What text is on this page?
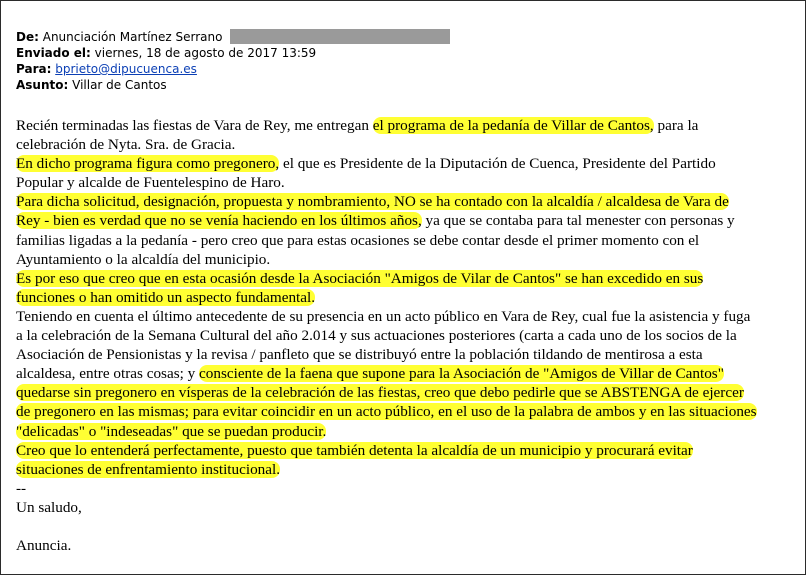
De: Anunciación Martínez Serrano
Enviado el: viernes, 18 de agosto de 2017 13:59
Para: bprieto@dipucuenca.es
Asunto: Villar de Cantos
Recién terminadas las fiestas de Vara de Rey, me entregan el programa de la pedanía de Villar de Cantos, para la
celebración de Nyta. Sra. de Gracia.
En dicho programa figura como pregonero, el que es Presidente de la Diputación de Cuenca, Presidente del Partido
Popular y alcalde de Fuentelespino de Haro.
Para dicha solicitud, designación, propuesta y nombramiento, NO se ha contado con la alcaldía / alcaldesa de Vara de
Rey - bien es verdad que no se venía haciendo en los últimos años, ya que se contaba para tal menester con personas y
familias ligadas a la pedanía - pero creo que para estas ocasiones se debe contar desde el primer momento con el
Ayuntamiento o la alcaldía del municipio.
Es por eso que creo que en esta ocasión desde la Asociación "Amigos de Vilar de Cantos" se han excedido en sus
funciones o han omitido un aspecto fundamental.
Teniendo en cuenta el último antecedente de su presencia en un acto público en Vara de Rey, cual fue la asistencia y fuga
a la celebración de la Semana Cultural del año 2.014 y sus actuaciones posteriores (carta a cada uno de los socios de la
Asociación de Pensionistas y la revisa / panfleto que se distribuyó entre la población tildando de mentirosa a esta
alcaldesa, entre otras cosas; y consciente de la faena que supone para la Asociación de "Amigos de Villar de Cantos"
quedarse sin pregonero en vísperas de la celebración de las fiestas, creo que debo pedirle que se ABSTENGA de ejercer
de pregonero en las mismas; para evitar coincidir en un acto público, en el uso de la palabra de ambos y en las situaciones
"delicadas" o "indeseadas" que se puedan producir.
Creo que lo entenderá perfectamente, puesto que también detenta la alcaldía de un municipio y procurará evitar
situaciones de enfrentamiento institucional.
--
Un saludo,
Anuncia.
